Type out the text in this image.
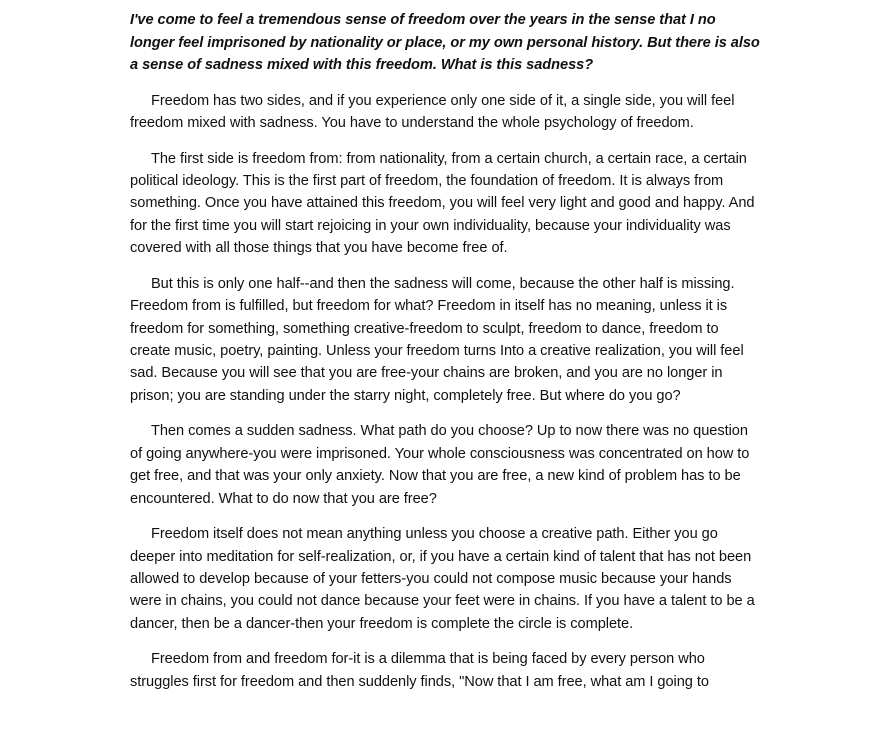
I've come to feel a tremendous sense of freedom over the years in the sense that I no longer feel imprisoned by nationality or place, or my own personal history. But there is also a sense of sadness mixed with this freedom. What is this sadness?

Freedom has two sides, and if you experience only one side of it, a single side, you will feel freedom mixed with sadness. You have to understand the whole psychology of freedom.

The first side is freedom from: from nationality, from a certain church, a certain race, a certain political ideology. This is the first part of freedom, the foundation of freedom. It is always from something. Once you have attained this freedom, you will feel very light and good and happy. And for the first time you will start rejoicing in your own individuality, because your individuality was covered with all those things that you have become free of.

But this is only one half--and then the sadness will come, because the other half is missing. Freedom from is fulfilled, but freedom for what? Freedom in itself has no meaning, unless it is freedom for something, something creative-freedom to sculpt, freedom to dance, freedom to create music, poetry, painting. Unless your freedom turns Into a creative realization, you will feel sad. Because you will see that you are free-your chains are broken, and you are no longer in prison; you are standing under the starry night, completely free. But where do you go?

Then comes a sudden sadness. What path do you choose? Up to now there was no question of going anywhere-you were imprisoned. Your whole consciousness was concentrated on how to get free, and that was your only anxiety. Now that you are free, a new kind of problem has to be encountered. What to do now that you are free?

Freedom itself does not mean anything unless you choose a creative path. Either you go deeper into meditation for self-realization, or, if you have a certain kind of talent that has not been allowed to develop because of your fetters-you could not compose music because your hands were in chains, you could not dance because your feet were in chains. If you have a talent to be a dancer, then be a dancer-then your freedom is complete the circle is complete.

Freedom from and freedom for-it is a dilemma that is being faced by every person who struggles first for freedom and then suddenly finds, "Now that I am free, what am I going to
